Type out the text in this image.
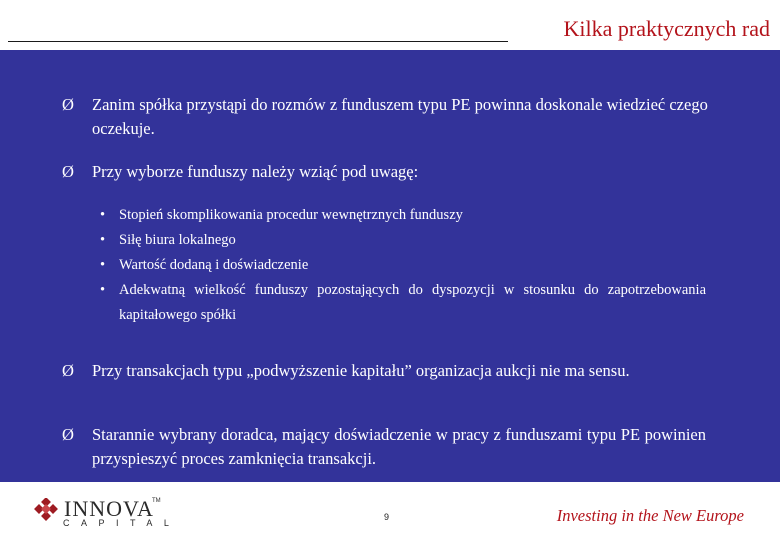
Kilka praktycznych rad
Ø Zanim spółka przystąpi do rozmów z funduszem typu PE powinna doskonale wiedzieć czego oczekuje.
Ø Przy wyborze funduszy należy wziąć pod uwagę:
• Stopień skomplikowania procedur wewnętrznych funduszy
• Siłę biura lokalnego
• Wartość dodaną i doświadczenie
• Adekwatną wielkość funduszy pozostających do dyspozycji w stosunku do zapotrzebowania kapitałowego spółki
Ø Przy transakcjach typu „podwyższenie kapitału” organizacja aukcji nie ma sensu.
Ø Starannie wybrany doradca, mający doświadczenie w pracy z funduszami typu PE powinien przyspieszyć proces zamknięcia transakcji.
INNOVA
TM
CAPITAL
9	Investing in the New Europe
